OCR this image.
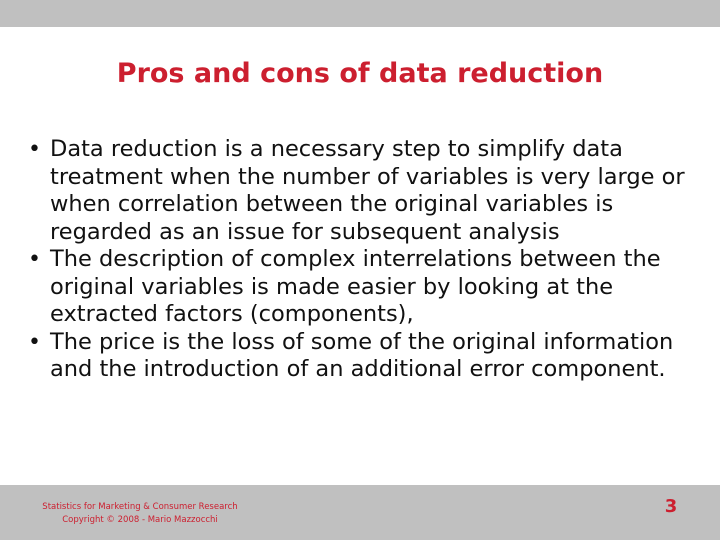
Pros and cons of data reduction
• Data reduction is a necessary step to simplify data treatment when the number of variables is very large or when correlation between the original variables is regarded as an issue for subsequent analysis
• The description of complex interrelations between the original variables is made easier by looking at the extracted factors (components),
• The price is the loss of some of the original information and the introduction of an additional error component.
Statistics for Marketing & Consumer Research
Copyright © 2008 - Mario Mazzocchi
3
